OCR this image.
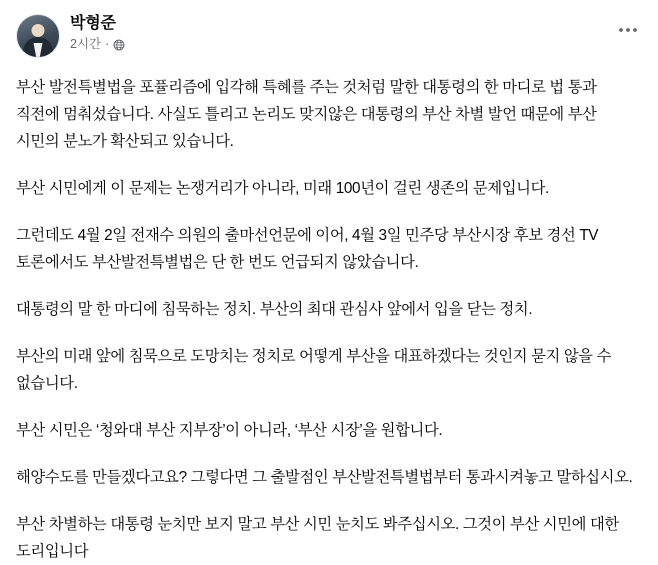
박형준
2시간 ·

부산 발전특별법을 포퓰리즘에 입각해 특혜를 주는 것처럼 말한 대통령의 한 마디로 법 통과 직전에 멈춰섰습니다. 사실도 틀리고 논리도 맞지않은 대통령의 부산 차별 발언 때문에 부산 시민의 분노가 확산되고 있습니다.

부산 시민에게 이 문제는 논쟁거리가 아니라, 미래 100년이 걸린 생존의 문제입니다.

그런데도 4월 2일 전재수 의원의 출마선언문에 이어, 4월 3일 민주당 부산시장 후보 경선 TV 토론에서도 부산발전특별법은 단 한 번도 언급되지 않았습니다.

대통령의 말 한 마디에 침묵하는 정치. 부산의 최대 관심사 앞에서 입을 닫는 정치.

부산의 미래 앞에 침묵으로 도망치는 정치로 어떻게 부산을 대표하겠다는 것인지 묻지 않을 수 없습니다.

부산 시민은 ‘청와대 부산 지부장’이 아니라, ‘부산 시장’을 원합니다.

해양수도를 만들겠다고요? 그렇다면 그 출발점인 부산발전특별법부터 통과시켜놓고 말하십시오.

부산 차별하는 대통령 눈치만 보지 말고 부산 시민 눈치도 봐주십시오. 그것이 부산 시민에 대한 도리입니다
